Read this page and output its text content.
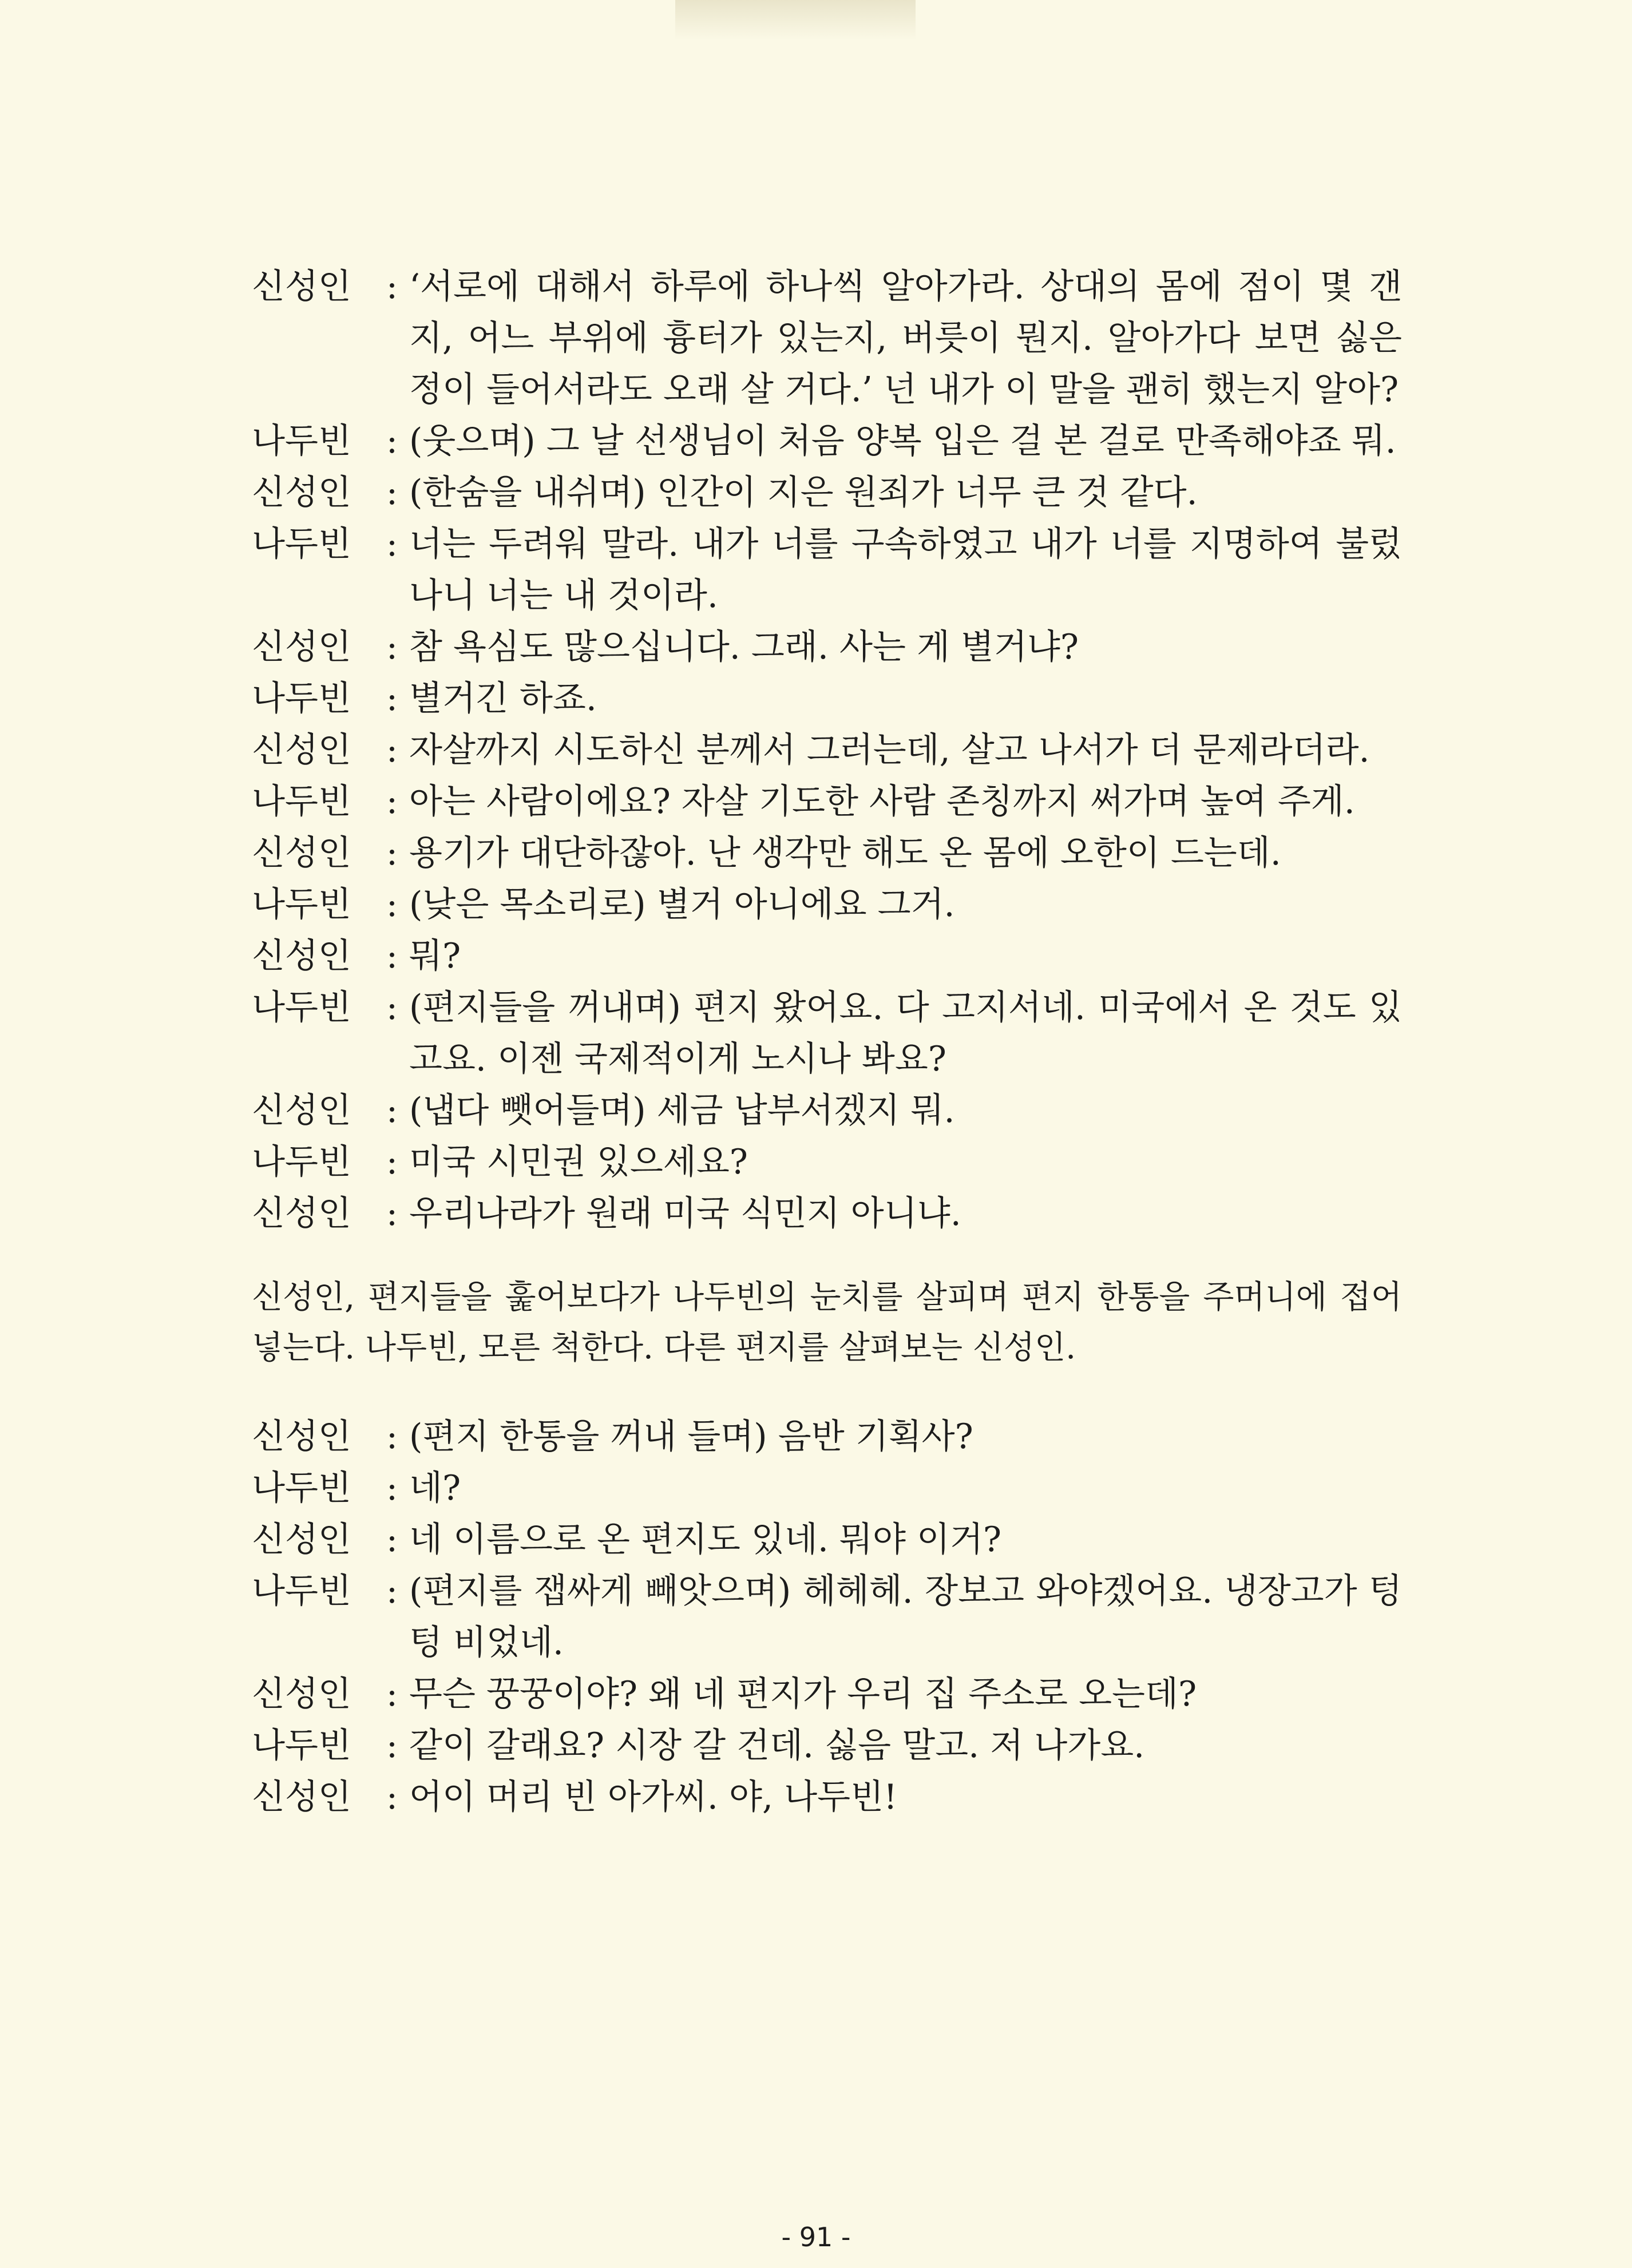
신성인	: ‘서로에 대해서 하루에 하나씩 알아가라. 상대의 몸에 점이 몇 갠지, 어느 부위에 흉터가 있는지, 버릇이 뭔지. 알아가다 보면 싫은 정이 들어서라도 오래 살 거다.’ 넌 내가 이 말을 괜히 했는지 알아?
나두빈	: (웃으며) 그 날 선생님이 처음 양복 입은 걸 본 걸로 만족해야죠 뭐.
신성인	: (한숨을 내쉬며) 인간이 지은 원죄가 너무 큰 것 같다.
나두빈	: 너는 두려워 말라. 내가 너를 구속하였고 내가 너를 지명하여 불렀나니 너는 내 것이라.
신성인	: 참 욕심도 많으십니다. 그래. 사는 게 별거냐?
나두빈	: 별거긴 하죠.
신성인	: 자살까지 시도하신 분께서 그러는데, 살고 나서가 더 문제라더라.
나두빈	: 아는 사람이에요? 자살 기도한 사람 존칭까지 써가며 높여 주게.
신성인	: 용기가 대단하잖아. 난 생각만 해도 온 몸에 오한이 드는데.
나두빈	: (낮은 목소리로) 별거 아니에요 그거.
신성인	: 뭐?
나두빈	: (편지들을 꺼내며) 편지 왔어요. 다 고지서네. 미국에서 온 것도 있고요. 이젠 국제적이게 노시나 봐요?
신성인	: (냅다 뺏어들며) 세금 납부서겠지 뭐.
나두빈	: 미국 시민권 있으세요?
신성인	: 우리나라가 원래 미국 식민지 아니냐.
신성인, 편지들을 훑어보다가 나두빈의 눈치를 살피며 편지 한통을 주머니에 접어 넣는다. 나두빈, 모른 척한다. 다른 편지를 살펴보는 신성인.
신성인	: (편지 한통을 꺼내 들며) 음반 기획사?
나두빈	: 네?
신성인	: 네 이름으로 온 편지도 있네. 뭐야 이거?
나두빈	: (편지를 잽싸게 빼앗으며) 헤헤헤. 장보고 와야겠어요. 냉장고가 텅텅 비었네.
신성인	: 무슨 꿍꿍이야? 왜 네 편지가 우리 집 주소로 오는데?
나두빈	: 같이 갈래요? 시장 갈 건데. 싫음 말고. 저 나가요.
신성인	: 어이 머리 빈 아가씨. 야, 나두빈!
- 91 -
